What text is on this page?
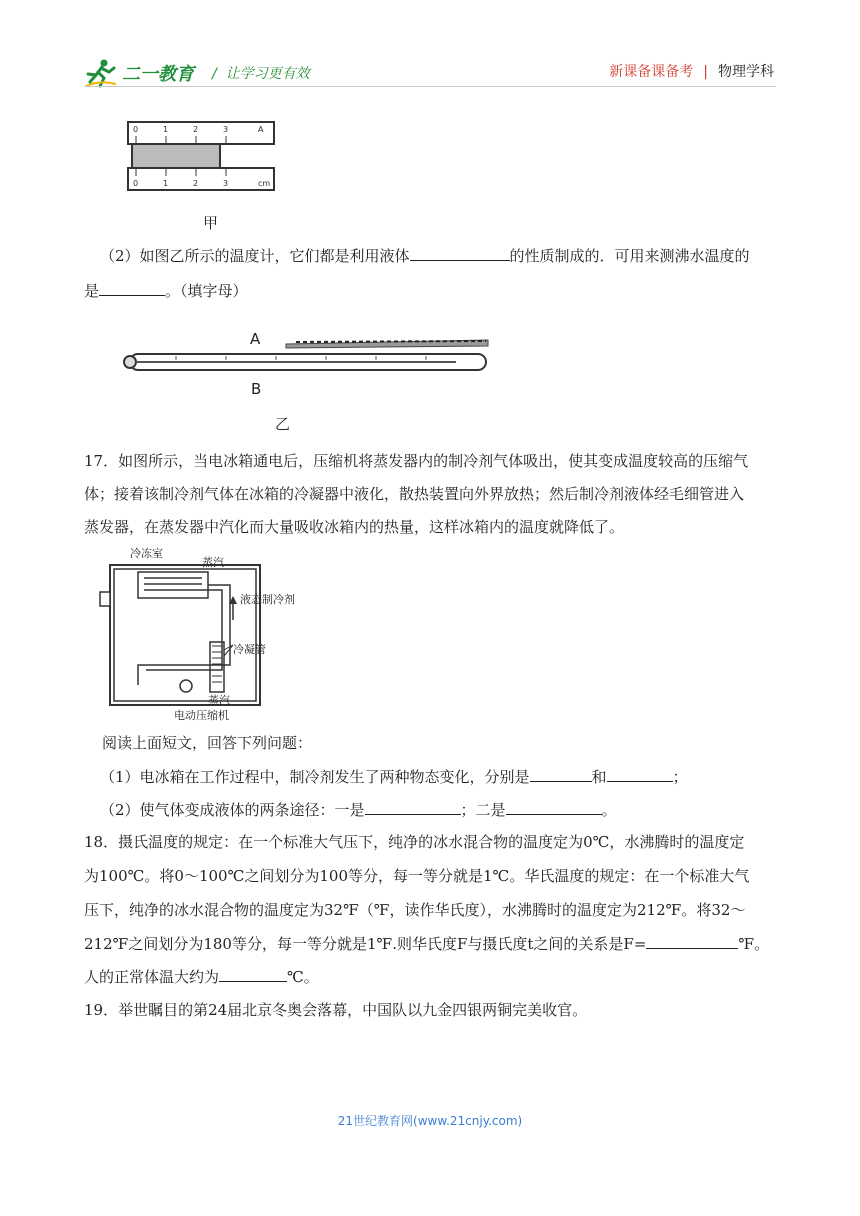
二一教育 /  让学习更有效	新课备课备考 | 物理学科
0	1	2	3	A
0	1	2	3	cm
甲
（2）如图乙所示的温度计，它们都是利用液体	的性质制成的．可用来测沸水温度的
是	。（填字母）
A
B
乙
17．如图所示，当电冰箱通电后，压缩机将蒸发器内的制冷剂气体吸出，使其变成温度较高的压缩气
体；接着该制冷剂气体在冰箱的冷凝器中液化，散热装置向外界放热；然后制冷剂液体经毛细管进入
蒸发器，在蒸发器中汽化而大量吸收冰箱内的热量，这样冰箱内的温度就降低了。
冷冻室
蒸汽
液态制冷剂
冷凝管
蒸汽
电动压缩机
阅读上面短文，回答下列问题：
（1）电冰箱在工作过程中，制冷剂发生了两种物态变化，分别是	和	；
（2）使气体变成液体的两条途径：一是	；二是	。
18．摄氏温度的规定：在一个标准大气压下，纯净的冰水混合物的温度定为0℃，水沸腾时的温度定
为100℃。将0～100℃之间划分为100等分，每一等分就是1℃。华氏温度的规定：在一个标准大气
压下，纯净的冰水混合物的温度定为32℉（℉，读作华氏度），水沸腾时的温度定为212℉。将32～
212℉之间划分为180等分，每一等分就是1℉.则华氏度F与摄氏度t之间的关系是F=	℉。
人的正常体温大约为	℃。
19．举世瞩目的第24届北京冬奥会落幕，中国队以九金四银两铜完美收官。
21世纪教育网(www.21cnjy.com)
